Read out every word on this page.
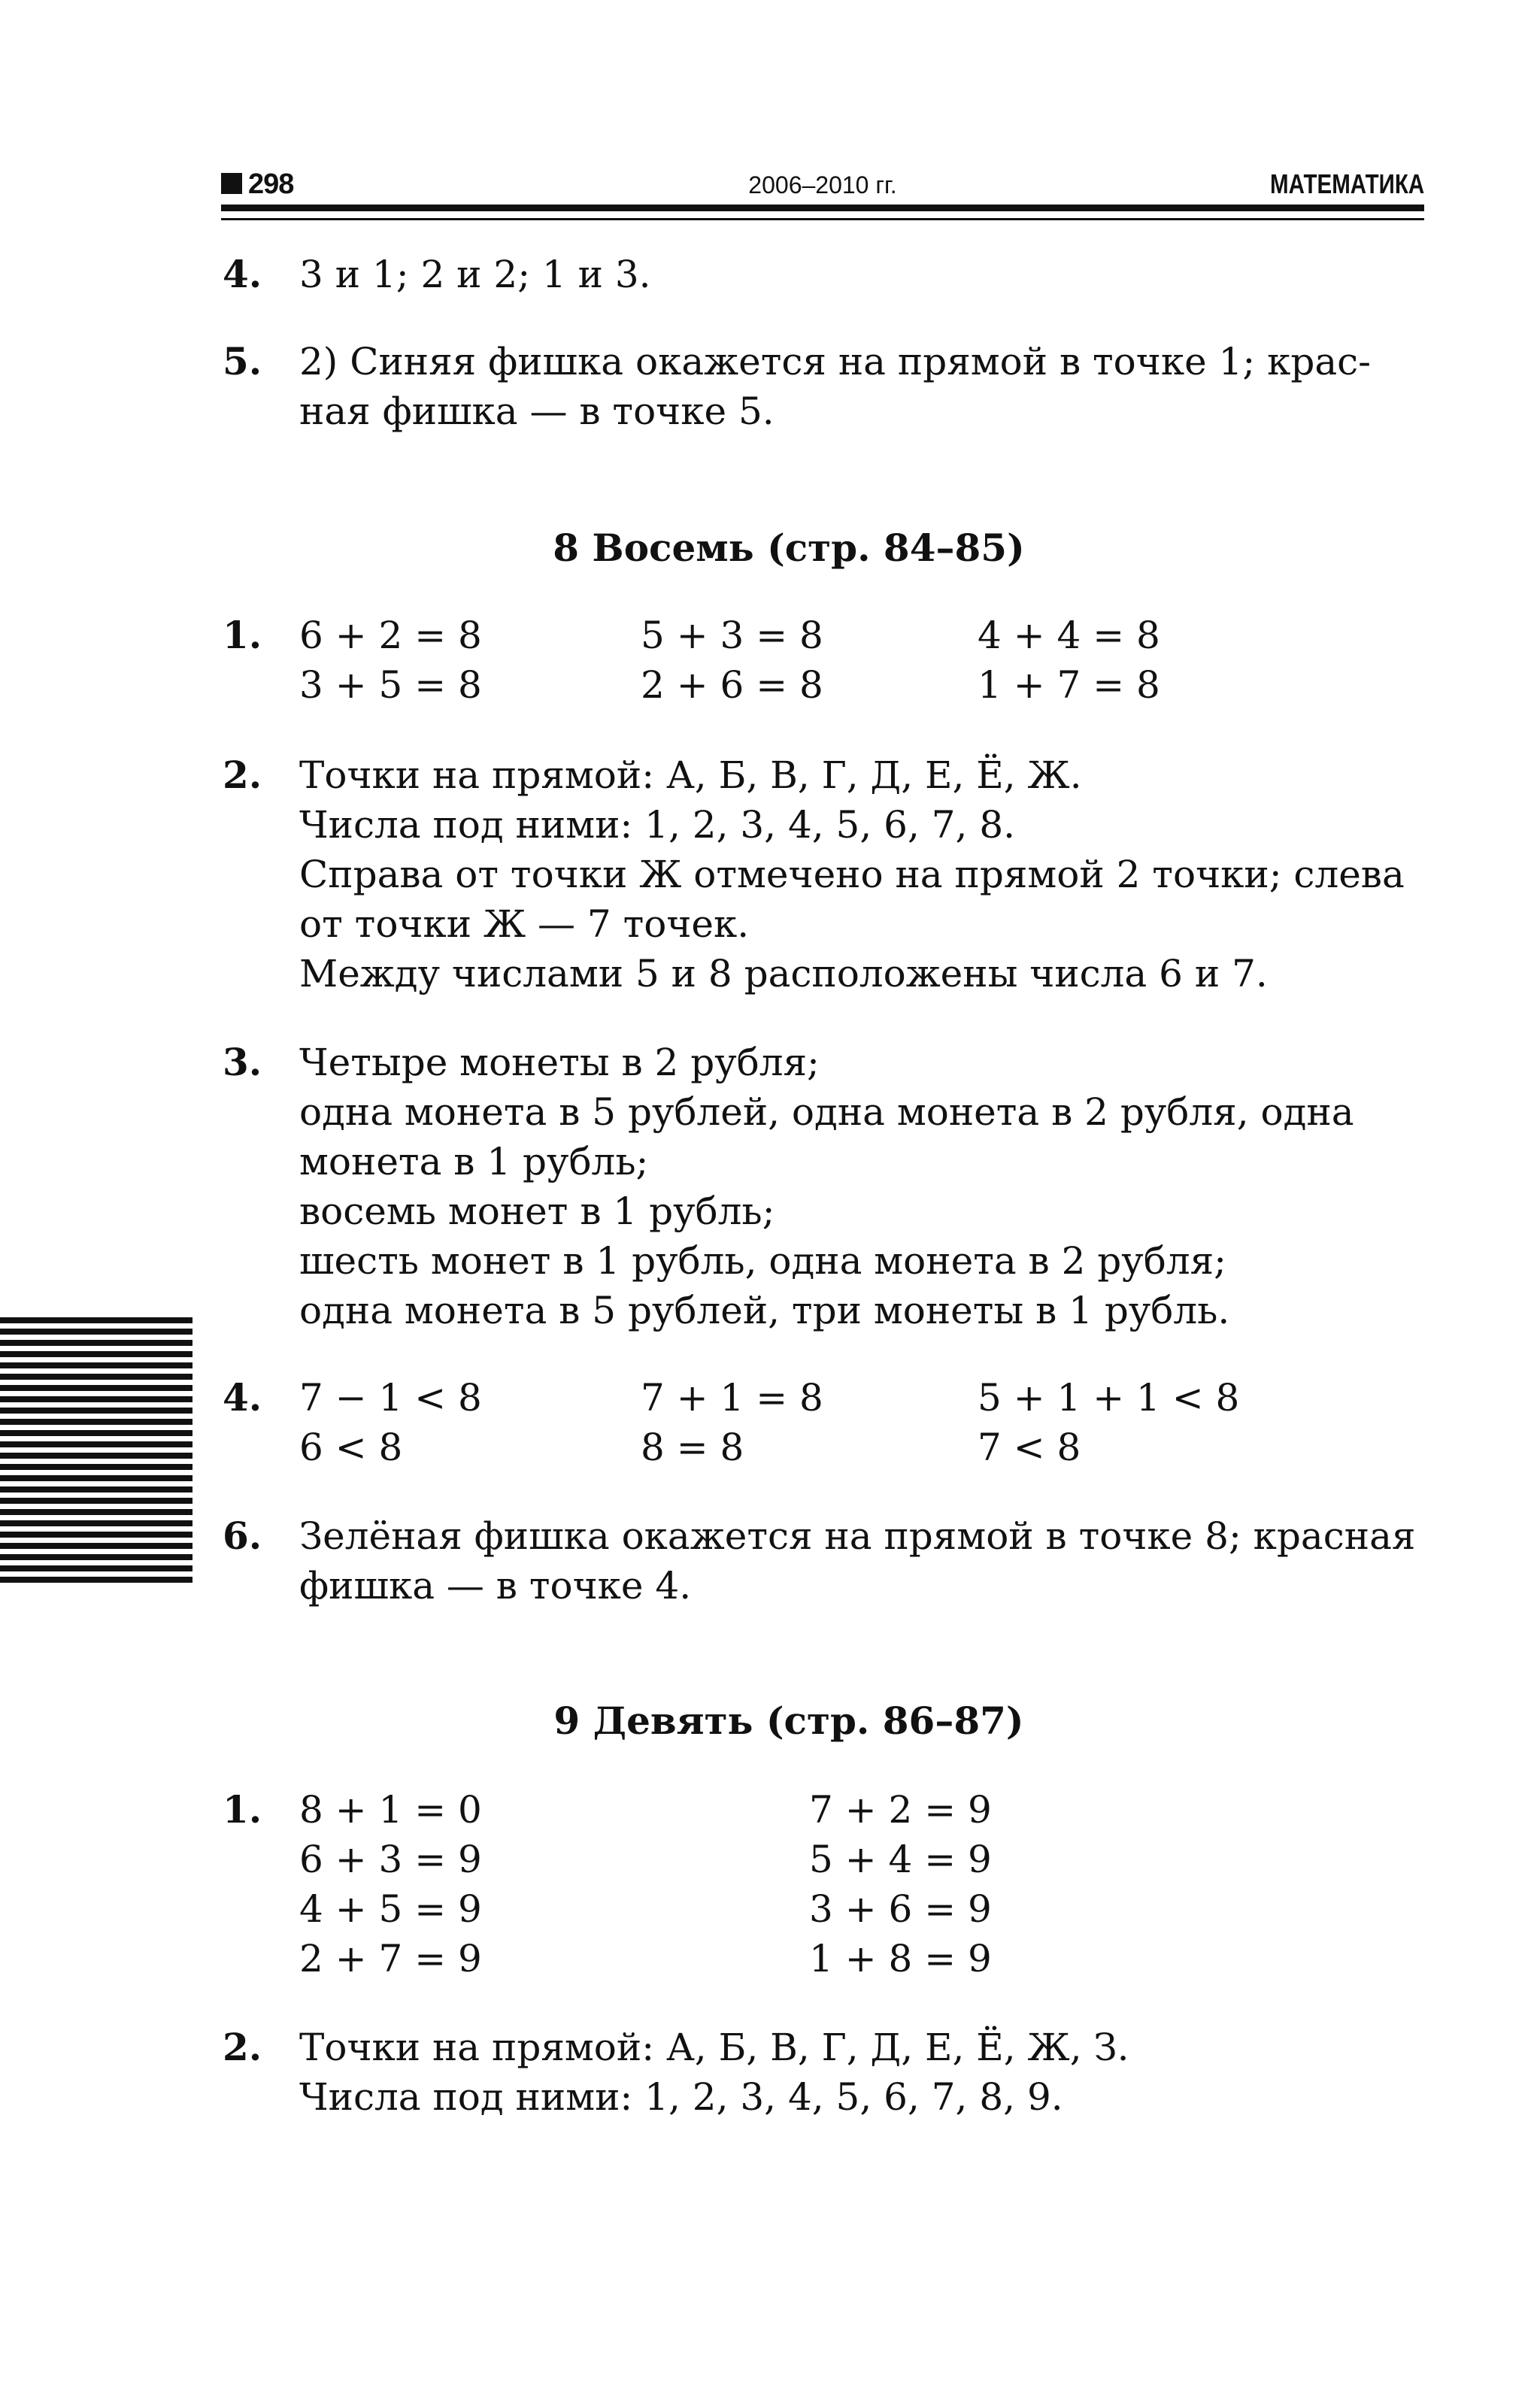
298	2006–2010 гг.	МАТЕМАТИКА
4. 3 и 1; 2 и 2; 1 и 3.
5. 2) Синяя фишка окажется на прямой в точке 1; крас-
ная фишка — в точке 5.
8 Восемь (стр. 84–85)
1. 6 + 2 = 8	5 + 3 = 8	4 + 4 = 8
3 + 5 = 8	2 + 6 = 8	1 + 7 = 8
2. Точки на прямой: А, Б, В, Г, Д, Е, Ё, Ж.
Числа под ними: 1, 2, 3, 4, 5, 6, 7, 8.
Справа от точки Ж отмечено на прямой 2 точки; слева
от точки Ж — 7 точек.
Между числами 5 и 8 расположены числа 6 и 7.
3. Четыре монеты в 2 рубля;
одна монета в 5 рублей, одна монета в 2 рубля, одна
монета в 1 рубль;
восемь монет в 1 рубль;
шесть монет в 1 рубль, одна монета в 2 рубля;
одна монета в 5 рублей, три монеты в 1 рубль.
4. 7 − 1 < 8	7 + 1 = 8	5 + 1 + 1 < 8
6 < 8	8 = 8	7 < 8
6. Зелёная фишка окажется на прямой в точке 8; красная
фишка — в точке 4.
9 Девять (стр. 86–87)
1. 8 + 1 = 0	7 + 2 = 9
6 + 3 = 9	5 + 4 = 9
4 + 5 = 9	3 + 6 = 9
2 + 7 = 9	1 + 8 = 9
2. Точки на прямой: А, Б, В, Г, Д, Е, Ё, Ж, З.
Числа под ними: 1, 2, 3, 4, 5, 6, 7, 8, 9.
